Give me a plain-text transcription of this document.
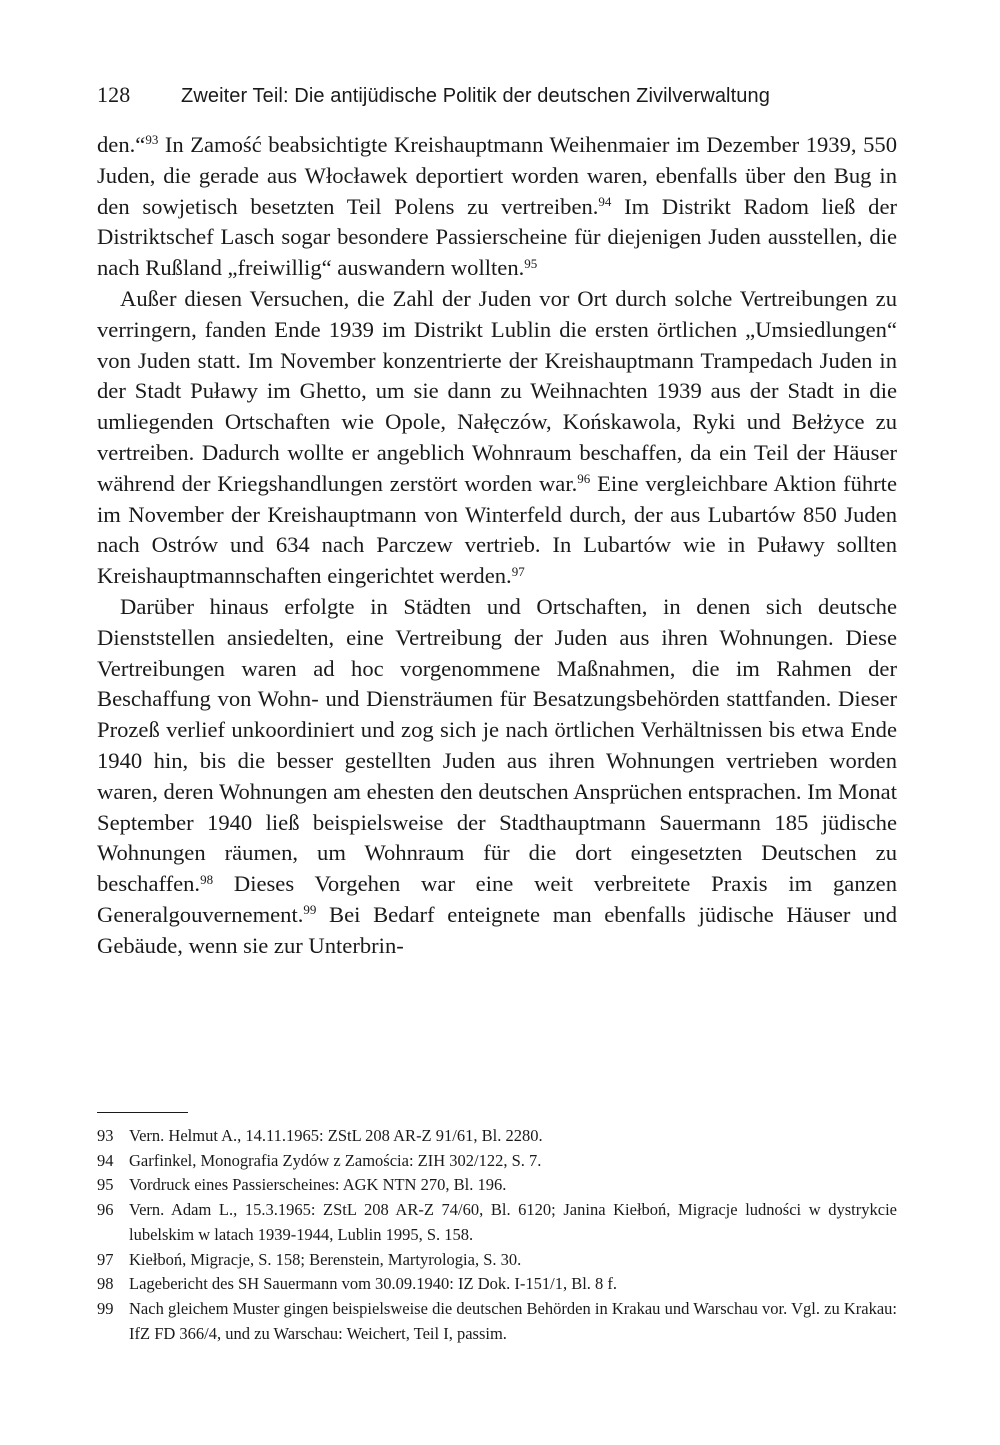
128	Zweiter Teil: Die antijüdische Politik der deutschen Zivilverwaltung

den.“$^{93}$ In Zamość beabsichtigte Kreishauptmann Weihenmaier im Dezember 1939, 550 Juden, die gerade aus Włocławek deportiert worden waren, ebenfalls über den Bug in den sowjetisch besetzten Teil Polens zu vertreiben.$^{94}$ Im Distrikt Radom ließ der Distriktschef Lasch sogar besondere Passierscheine für diejenigen Juden ausstellen, die nach Rußland „freiwillig“ auswandern wollten.$^{95}$

Außer diesen Versuchen, die Zahl der Juden vor Ort durch solche Vertreibungen zu verringern, fanden Ende 1939 im Distrikt Lublin die ersten örtlichen „Umsiedlungen“ von Juden statt. Im November konzentrierte der Kreishauptmann Trampedach Juden in der Stadt Puławy im Ghetto, um sie dann zu Weihnachten 1939 aus der Stadt in die umliegenden Ortschaften wie Opole, Nałęczów, Końskawola, Ryki und Bełżyce zu vertreiben. Dadurch wollte er angeblich Wohnraum beschaffen, da ein Teil der Häuser während der Kriegshandlungen zerstört worden war.$^{96}$ Eine vergleichbare Aktion führte im November der Kreishauptmann von Winterfeld durch, der aus Lubartów 850 Juden nach Ostrów und 634 nach Parczew vertrieb. In Lubartów wie in Puławy sollten Kreishauptmannschaften eingerichtet werden.$^{97}$

Darüber hinaus erfolgte in Städten und Ortschaften, in denen sich deutsche Dienststellen ansiedelten, eine Vertreibung der Juden aus ihren Wohnungen. Diese Vertreibungen waren ad hoc vorgenommene Maßnahmen, die im Rahmen der Beschaffung von Wohn- und Diensträumen für Besatzungsbehörden stattfanden. Dieser Prozeß verlief unkoordiniert und zog sich je nach örtlichen Verhältnissen bis etwa Ende 1940 hin, bis die besser gestellten Juden aus ihren Wohnungen vertrieben worden waren, deren Wohnungen am ehesten den deutschen Ansprüchen entsprachen. Im Monat September 1940 ließ beispielsweise der Stadthauptmann Sauermann 185 jüdische Wohnungen räumen, um Wohnraum für die dort eingesetzten Deutschen zu beschaffen.$^{98}$ Dieses Vorgehen war eine weit verbreitete Praxis im ganzen Generalgouvernement.$^{99}$ Bei Bedarf enteignete man ebenfalls jüdische Häuser und Gebäude, wenn sie zur Unterbrin-

93 Vern. Helmut A., 14.11.1965: ZStL 208 AR-Z 91/61, Bl. 2280.
94 Garfinkel, Monografia Zydów z Zamościa: ZIH 302/122, S. 7.
95 Vordruck eines Passierscheines: AGK NTN 270, Bl. 196.
96 Vern. Adam L., 15.3.1965: ZStL 208 AR-Z 74/60, Bl. 6120; Janina Kiełboń, Migracje ludności w dystrykcie lubelskim w latach 1939-1944, Lublin 1995, S. 158.
97 Kiełboń, Migracje, S. 158; Berenstein, Martyrologia, S. 30.
98 Lagebericht des SH Sauermann vom 30.09.1940: IZ Dok. I-151/1, Bl. 8 f.
99 Nach gleichem Muster gingen beispielsweise die deutschen Behörden in Krakau und Warschau vor. Vgl. zu Krakau: IfZ FD 366/4, und zu Warschau: Weichert, Teil I, passim.
